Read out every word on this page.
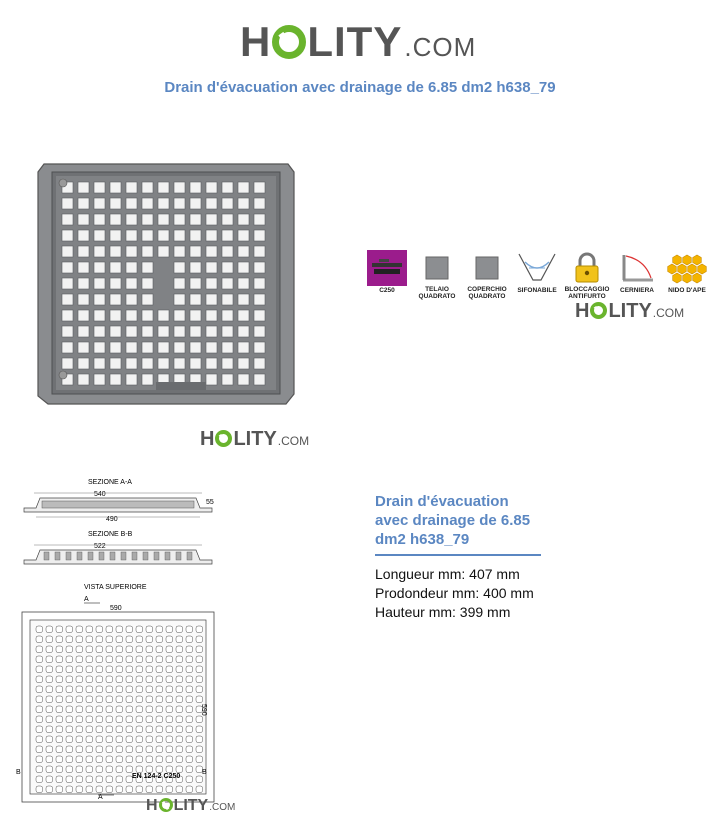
H LITY .COM
Drain d'évacuation avec drainage de 6.85 dm2 h638_79
H LITY .COM
C250	TELAIO QUADRATO
COPERCHIO QUADRATO
SIFONABILE	BLOCCAGGIO ANTIFURTO
CERNIERA NIDO D'APE
H LITY .COM
SEZIONE A-A
540
490
55
SEZIONE B-B
522
VISTA SUPERIORE
A
590
590
B	B
EN 124-2 C250
A	H LITY .COM
Drain d'évacuation avec drainage de 6.85 dm2 h638_79
Longueur mm: 407 mm
Prodondeur mm: 400 mm
Hauteur mm: 399 mm
